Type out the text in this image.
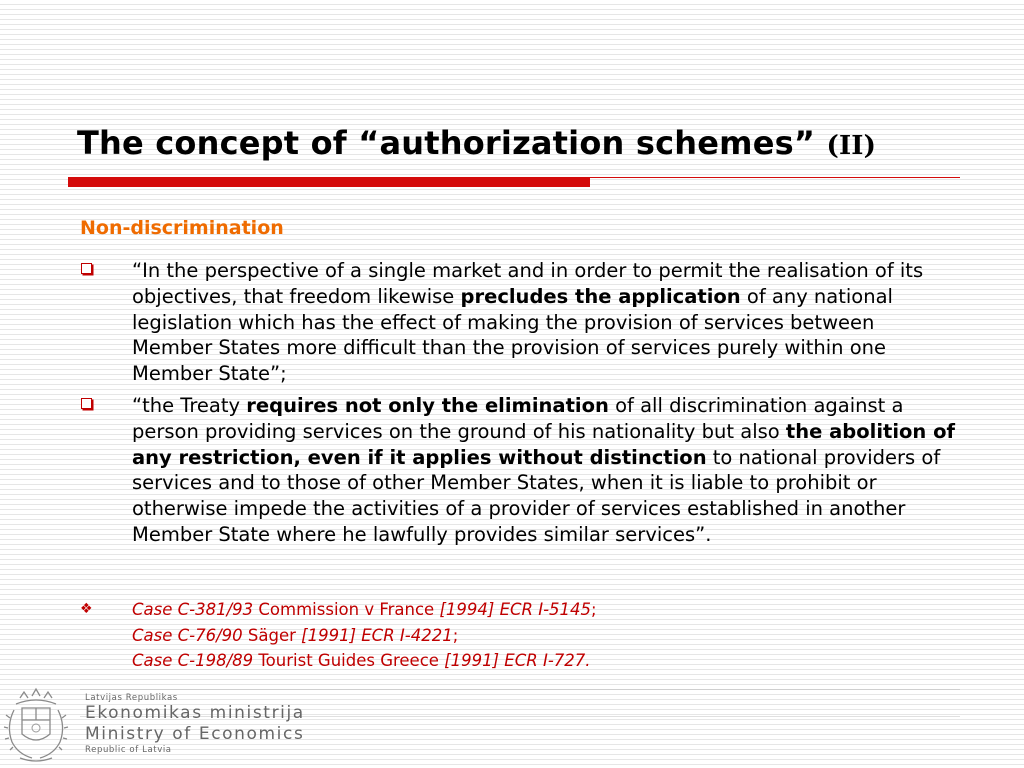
The concept of “authorization schemes” (II)
Non-discrimination
“In the perspective of a single market and in order to permit the realisation of its objectives, that freedom likewise precludes the application of any national legislation which has the effect of making the provision of services between Member States more difficult than the provision of services purely within one Member State”;
“the Treaty requires not only the elimination of all discrimination against a person providing services on the ground of his nationality but also the abolition of any restriction, even if it applies without distinction to national providers of services and to those of other Member States, when it is liable to prohibit or otherwise impede the activities of a provider of services established in another Member State where he lawfully provides similar services”.
❖ Case C-381/93 Commission v France [1994] ECR I-5145;
Case C-76/90 Säger [1991] ECR I-4221;
Case C-198/89 Tourist Guides Greece [1991] ECR I-727.
Latvijas Republikas
Ekonomikas ministrija
Ministry of Economics
Republic of Latvia
